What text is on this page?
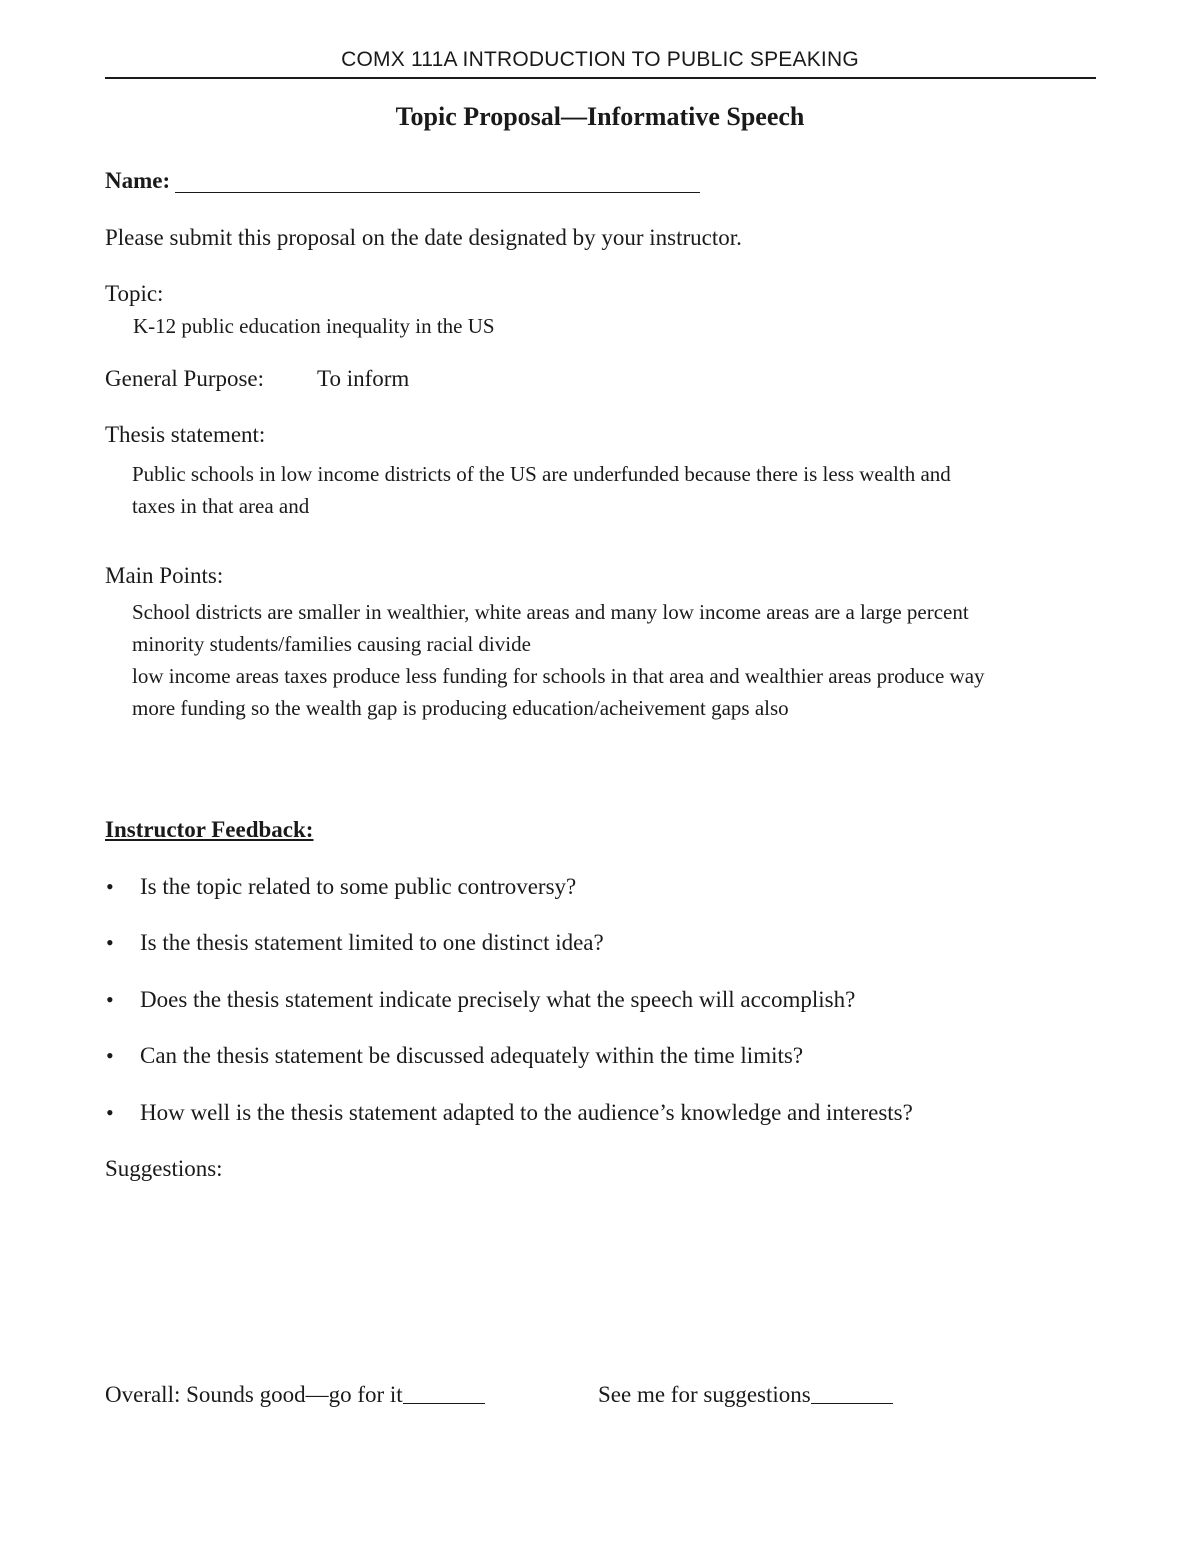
COMX 111A INTRODUCTION TO PUBLIC SPEAKING
Topic Proposal—Informative Speech
Name:
Please submit this proposal on the date designated by your instructor.
Topic:
K-12 public education inequality in the US
General Purpose: To inform
Thesis statement:
Public schools in low income districts of the US are underfunded because there is less wealth and
taxes in that area and
Main Points:
School districts are smaller in wealthier, white areas and many low income areas are a large percent
minority students/families causing racial divide
low income areas taxes produce less funding for schools in that area and wealthier areas produce way
more funding so the wealth gap is producing education/acheivement gaps also
Instructor Feedback:
• Is the topic related to some public controversy?
• Is the thesis statement limited to one distinct idea?
• Does the thesis statement indicate precisely what the speech will accomplish?
• Can the thesis statement be discussed adequately within the time limits?
• How well is the thesis statement adapted to the audience’s knowledge and interests?
Suggestions:
Overall: Sounds good—go for it	See me for suggestions
